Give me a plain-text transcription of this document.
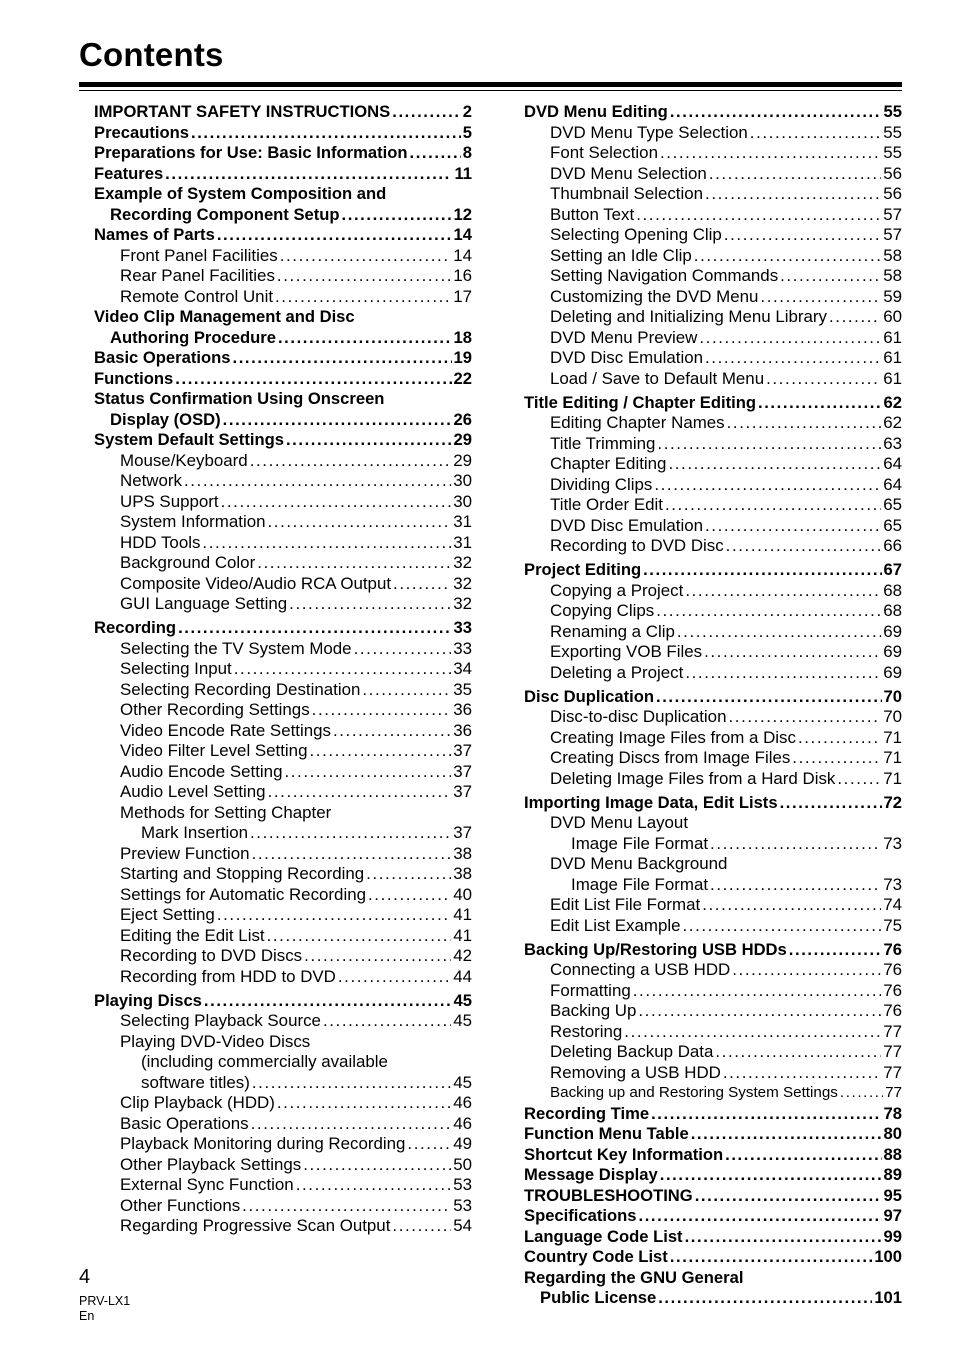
Contents
IMPORTANT SAFETY INSTRUCTIONS .....	2
Precautions .....	5
Preparations for Use: Basic Information .....	8
Features .....	11
Example of System Composition and
Recording Component Setup .....	12
Names of Parts .....	14
Front Panel Facilities .....	14
Rear Panel Facilities .....	16
Remote Control Unit .....	17
Video Clip Management and Disc
Authoring Procedure .....	18
Basic Operations .....	19
Functions .....	22
Status Confirmation Using Onscreen
Display (OSD) .....	26
System Default Settings .....	29
Mouse/Keyboard .....	29
Network .....	30
UPS Support .....	30
System Information .....	31
HDD Tools .....	31
Background Color .....	32
Composite Video/Audio RCA Output .....	32
GUI Language Setting .....	32
Recording .....	33
Selecting the TV System Mode .....	33
Selecting Input .....	34
Selecting Recording Destination .....	35
Other Recording Settings .....	36
Video Encode Rate Settings .....	36
Video Filter Level Setting .....	37
Audio Encode Setting .....	37
Audio Level Setting .....	37
Methods for Setting Chapter
Mark Insertion .....	37
Preview Function .....	38
Starting and Stopping Recording .....	38
Settings for Automatic Recording .....	40
Eject Setting .....	41
Editing the Edit List .....	41
Recording to DVD Discs .....	42
Recording from HDD to DVD .....	44
Playing Discs .....	45
Selecting Playback Source .....	45
Playing DVD-Video Discs
(including commercially available
software titles) .....	45
Clip Playback (HDD) .....	46
Basic Operations .....	46
Playback Monitoring during Recording .....	49
Other Playback Settings .....	50
External Sync Function .....	53
Other Functions .....	53
Regarding Progressive Scan Output .....	54
DVD Menu Editing .....	55
DVD Menu Type Selection .....	55
Font Selection .....	55
DVD Menu Selection .....	56
Thumbnail Selection .....	56
Button Text .....	57
Selecting Opening Clip .....	57
Setting an Idle Clip .....	58
Setting Navigation Commands .....	58
Customizing the DVD Menu .....	59
Deleting and Initializing Menu Library .....	60
DVD Menu Preview .....	61
DVD Disc Emulation .....	61
Load / Save to Default Menu .....	61
Title Editing / Chapter Editing .....	62
Editing Chapter Names .....	62
Title Trimming .....	63
Chapter Editing .....	64
Dividing Clips .....	64
Title Order Edit .....	65
DVD Disc Emulation .....	65
Recording to DVD Disc .....	66
Project Editing .....	67
Copying a Project .....	68
Copying Clips .....	68
Renaming a Clip .....	69
Exporting VOB Files .....	69
Deleting a Project .....	69
Disc Duplication .....	70
Disc-to-disc Duplication .....	70
Creating Image Files from a Disc .....	71
Creating Discs from Image Files .....	71
Deleting Image Files from a Hard Disk .....	71
Importing Image Data, Edit Lists .....	72
DVD Menu Layout
Image File Format .....	73
DVD Menu Background
Image File Format .....	73
Edit List File Format .....	74
Edit List Example .....	75
Backing Up/Restoring USB HDDs .....	76
Connecting a USB HDD .....	76
Formatting .....	76
Backing Up .....	76
Restoring .....	77
Deleting Backup Data .....	77
Removing a USB HDD .....	77
Backing up and Restoring System Settings .....	77
Recording Time .....	78
Function Menu Table .....	80
Shortcut Key Information .....	88
Message Display .....	89
TROUBLESHOOTING .....	95
Specifications .....	97
Language Code List .....	99
Country Code List .....	100
Regarding the GNU General
Public License .....	101

4

PRV-LX1

En
